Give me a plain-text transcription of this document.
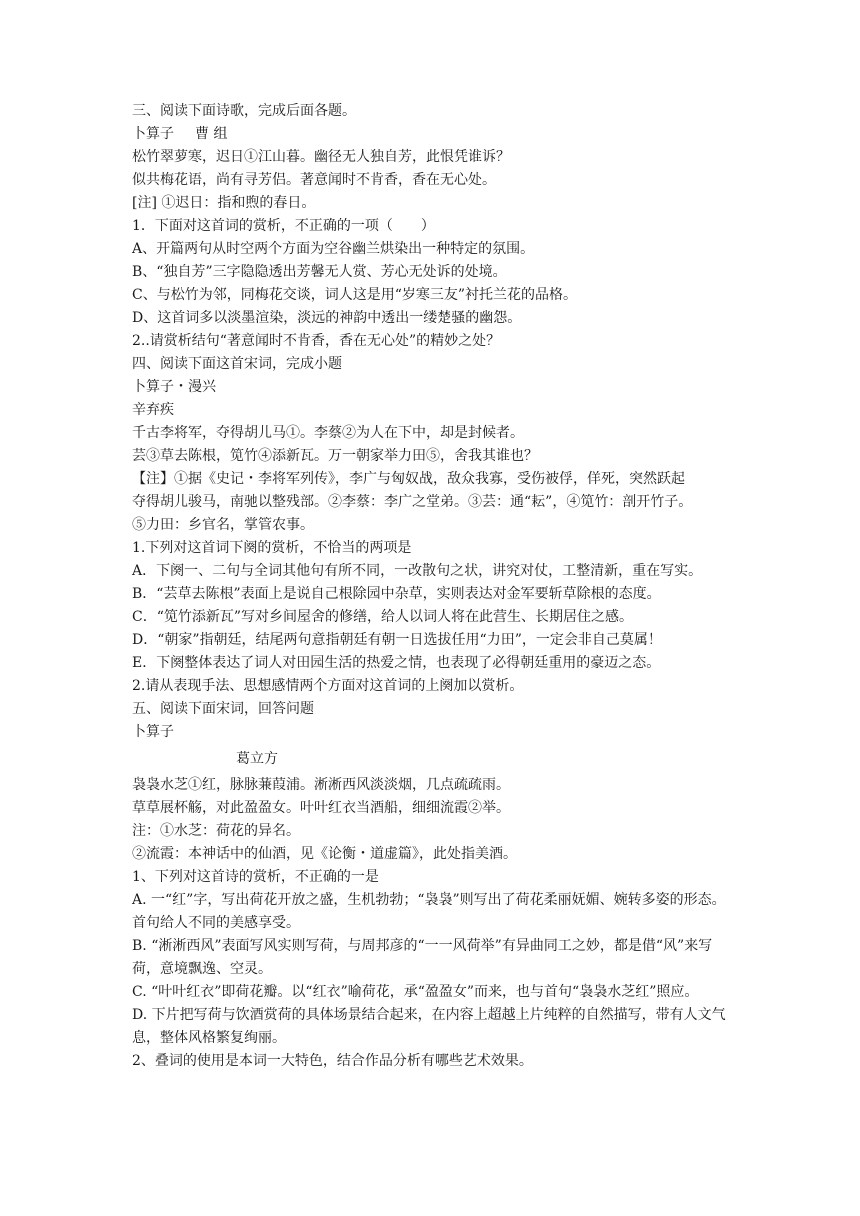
三、阅读下面诗歌，完成后面各题。
卜算子   曹 组
松竹翠萝寒，迟日①江山暮。幽径无人独自芳，此恨凭谁诉？
似共梅花语，尚有寻芳侣。著意闻时不肯香，香在无心处。
[注] ①迟日：指和煦的春日。
1．下面对这首词的赏析，不正确的一项（　　）
A、开篇两句从时空两个方面为空谷幽兰烘染出一种特定的氛围。
B、“独自芳”三字隐隐透出芳馨无人赏、芳心无处诉的处境。
C、与松竹为邻，同梅花交谈，词人这是用“岁寒三友”衬托兰花的品格。
D、这首词多以淡墨渲染，淡远的神韵中透出一缕楚骚的幽怨。
2..请赏析结句“著意闻时不肯香，香在无心处”的精妙之处？
四、阅读下面这首宋词，完成小题
卜算子・漫兴
辛弃疾
千古李将军，夺得胡儿马①。李蔡②为人在下中，却是封候者。
芸③草去陈根，笕竹④添新瓦。万一朝家举力田⑤，舍我其谁也？
【注】①据《史记・李将军列传》，李广与匈奴战，敌众我寡，受伤被俘，佯死，突然跃起
夺得胡儿骏马，南驰以整残部。②李蔡：李广之堂弟。③芸：通“耘”，④笕竹：剖开竹子。
⑤力田：乡官名，掌管农事。
1.下列对这首词下阕的赏析，不恰当的两项是
A．下阕一、二句与全词其他句有所不同，一改散句之状，讲究对仗，工整清新，重在写实。
B．“芸草去陈根”表面上是说自己根除园中杂草，实则表达对金军要斩草除根的态度。
C．“笕竹添新瓦”写对乡间屋舍的修缮，给人以词人将在此营生、长期居住之感。
D．“朝家”指朝廷，结尾两句意指朝廷有朝一日选拔任用“力田”，一定会非自己莫属！
E．下阕整体表达了词人对田园生活的热爱之情，也表现了必得朝廷重用的豪迈之态。
2.请从表现手法、思想感情两个方面对这首词的上阕加以赏析。
五、阅读下面宋词，回答问题
卜算子
葛立方
袅袅水芝①红，脉脉蒹葭浦。淅淅西风淡淡烟，几点疏疏雨。
草草展杯觞，对此盈盈女。叶叶红衣当酒船，细细流霞②举。
注：①水芝：荷花的异名。
②流霞：本神话中的仙酒，见《论衡・道虚篇》，此处指美酒。
1、下列对这首诗的赏析，不正确的一是
A. 一“红”字，写出荷花开放之盛，生机勃勃；“袅袅”则写出了荷花柔丽妩媚、婉转多姿的形态。首句给人不同的美感享受。
B. “淅淅西风”表面写风实则写荷，与周邦彦的“一一风荷举”有异曲同工之妙，都是借“风”来写荷，意境飘逸、空灵。
C. “叶叶红衣”即荷花瓣。以“红衣”喻荷花，承“盈盈女”而来，也与首句“袅袅水芝红”照应。
D. 下片把写荷与饮酒赏荷的具体场景结合起来，在内容上超越上片纯粹的自然描写，带有人文气息，整体风格繁复绚丽。
2、叠词的使用是本词一大特色，结合作品分析有哪些艺术效果。
